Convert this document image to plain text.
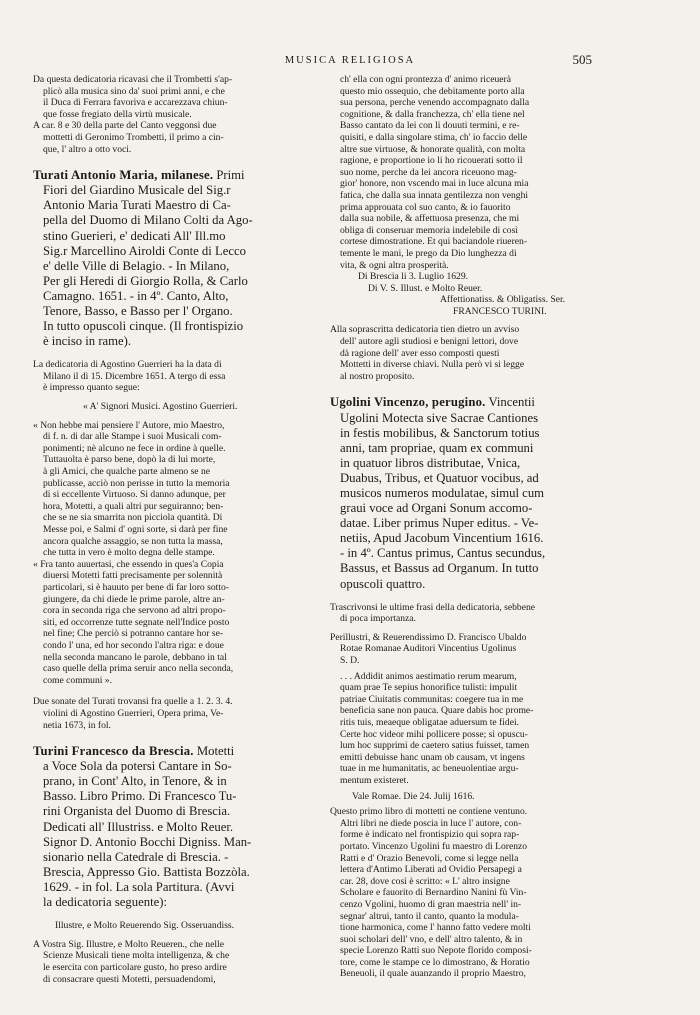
MUSICA RELIGIOSA	505

Da questa dedicatoria ricavasi che il Trombetti s'ap-
plicò alla musica sino da' suoi primi anni, e che
il Duca di Ferrara favoriva e accarezzava chiun-
que fosse fregiato della virtù musicale.

A car. 8 e 30 della parte del Canto veggonsi due
mottetti di Geronimo Trombetti, il primo a cin-
que, l' altro a otto voci.

Turati Antonio Maria, milanese. Primi
Fiori del Giardino Musicale del Sig.r
Antonio Maria Turati Maestro di Ca-
pella del Duomo di Milano Colti da Ago-
stino Guerieri, e' dedicati All' Ill.mo
Sig.r Marcellino Airoldi Conte di Lecco
e' delle Ville di Belagio. - In Milano,
Per gli Heredi di Giorgio Rolla, & Carlo
Camagno. 1651. - in 4º. Canto, Alto,
Tenore, Basso, e Basso per l' Organo.
In tutto opuscoli cinque. (Il frontispizio
è inciso in rame).

La dedicatoria di Agostino Guerrieri ha la data di
Milano il dì 15. Dicembre 1651. A tergo di essa
è impresso quanto segue:

« A' Signori Musici. Agostino Guerrieri.

« Non hebbe mai pensiere l' Autore, mio Maestro,
di f. n. di dar alle Stampe i suoi Musicali com-
ponimenti; nè alcuno ne fece in ordine à quelle.
Tuttauolta è parso bene, dopò la di lui morte,
à gli Amici, che qualche parte almeno se ne
publicasse, acciò non perisse in tutto la memoria
di si eccellente Virtuoso. Si danno adunque, per
hora, Motetti, a quali altri pur seguiranno; ben-
che se ne sia smarrita non picciola quantità. Di
Messe poi, e Salmi d' ogni sorte, si darà per fine
ancora qualche assaggio, se non tutta la massa,
che tutta in vero è molto degna delle stampe.

« Fra tanto auuertasi, che essendo in ques'a Copia
diuersi Motetti fatti precisamente per solennità
particolari, si è hauuto per bene di far loro sotto-
giungere, da chi diede le prime parole, altre an-
cora in seconda riga che servono ad altri propo-
siti, ed occorrenze tutte segnate nell'Indice posto
nel fine; Che perciò si potranno cantare hor se-
condo l' una, ed hor secondo l'altra riga: e doue
nella seconda mancano le parole, debbano in tal
caso quelle della prima seruir anco nella seconda,
come communi ».

Due sonate del Turati trovansi fra quelle a 1. 2. 3. 4.
violini di Agostino Guerrieri, Opera prima, Ve-
netia 1673, in fol.

Turini Francesco da Brescia. Motetti
a Voce Sola da potersi Cantare in So-
prano, in Cont' Alto, in Tenore, & in
Basso. Libro Primo. Di Francesco Tu-
rini Organista del Duomo di Brescia.
Dedicati all' Illustriss. e Molto Reuer.
Signor D. Antonio Bocchi Digniss. Man-
sionario nella Catedrale di Brescia. -
Brescia, Appresso Gio. Battista Bozzòla.
1629. - in fol. La sola Partitura. (Avvi
la dedicatoria seguente):

Illustre, e Molto Reuerendo Sig. Osseruandiss.

A Vostra Sig. Illustre, e Molto Reueren., che nelle
Scienze Musicali tiene molta intelligenza, & che
le esercita con particolare gusto, ho preso ardire
di consacrare questi Motetti, persuadendomi,

ch' ella con ogni prontezza d' animo riceuerà
questo mio ossequio, che debitamente porto alla
sua persona, perche venendo accompagnato dalla
cognitione, & dalla franchezza, ch' ella tiene nel
Basso cantato da lei con li douuti termini, e re-
quisiti, e dalla singolare stima, ch' io faccio delle
altre sue virtuose, & honorate qualità, con molta
ragione, e proportione io li ho ricouerati sotto il
suo nome, perche da lei ancora riceuono mag-
gior' honore, non vscendo mai in luce alcuna mia
fatica, che dalla sua innata gentilezza non venghi
prima approuata col suo canto, & io fauorito
dalla sua nobile, & affettuosa presenza, che mi
obliga di conseruar memoria indelebile di così
cortese dimostratione. Et qui baciandole riueren-
temente le mani, le prego da Dio lunghezza di
vita, & ogni altra prosperità.

Di Brescia li 3. Luglio 1629.

Di V. S. Illust. e Molto Reuer.

Affettionatiss. & Obligatiss. Ser.

FRANCESCO TURINI.

Alla soprascritta dedicatoria tien dietro un avviso
dell' autore agli studiosi e benigni lettori, dove
dà ragione dell' aver esso composti questi
Mottetti in diverse chiavi. Nulla però vi si legge
al nostro proposito.

Ugolini Vincenzo, perugino. Vincentii
Ugolini Motecta sive Sacrae Cantiones
in festis mobilibus, & Sanctorum totius
anni, tam propriae, quam ex communi
in quatuor libros distributae, Vnica,
Duabus, Tribus, et Quatuor vocibus, ad
musicos numeros modulatae, simul cum
graui voce ad Organi Sonum accomo-
datae. Liber primus Nuper editus. - Ve-
netiis, Apud Jacobum Vincentium 1616.
- in 4º. Cantus primus, Cantus secundus,
Bassus, et Bassus ad Organum. In tutto
opuscoli quattro.

Trascrivonsi le ultime frasi della dedicatoria, sebbene
di poca importanza.

Perillustri, & Reuerendissimo D. Francisco Ubaldo
Rotae Romanae Auditori Vincentius Ugolinus
S. D.

. . . Addidit animos aestimatio rerum mearum,
quam prae Te sepius honorifice tulisti: impulit
patriae Ciuitatis communitas: coegere tua in me
beneficia sane non pauca. Quare dabis hoc prome-
ritis tuis, meaeque obligatae aduersum te fidei.
Certe hoc videor mihi pollicere posse; si opuscu-
lum hoc supprimi de caetero satius fuisset, tamen
emitti debuisse hanc unam ob causam, vt ingens
tuae in me humanitatis, ac beneuolentiae argu-
mentum existeret.

Vale Romae. Die 24. Julij 1616.

Questo primo libro di mottetti ne contiene ventuno.
Altri libri ne diede poscia in luce l' autore, con-
forme è indicato nel frontispizio qui sopra rap-
portato. Vincenzo Ugolini fu maestro di Lorenzo
Ratti e d' Orazio Benevoli, come si legge nella
lettera d'Antimo Liberati ad Ovidio Persapegi a
car. 28, dove così è scritto: « L' altro insigne
Scholare e fauorito di Bernardino Nanini fù Vin-
cenzo Vgolini, huomo di gran maestria nell' in-
segnar' altrui, tanto il canto, quanto la modula-
tione harmonica, come l' hanno fatto vedere molti
suoi scholari dell' vno, e dell' altro talento, & in
specie Lorenzo Ratti suo Nepote florido composi-
tore, come le stampe ce lo dimostrano, & Horatio
Beneuoli, il quale auanzando il proprio Maestro,
